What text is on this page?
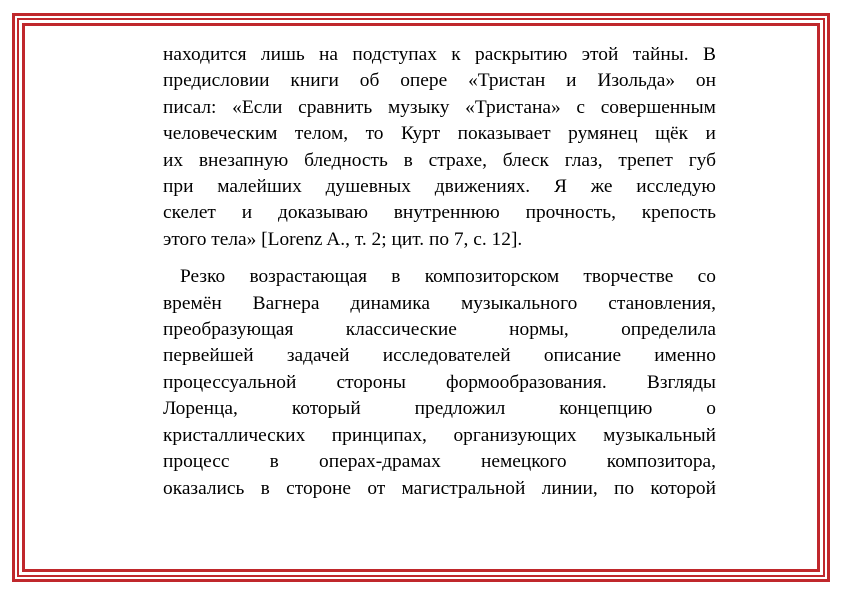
находится лишь на подступах к раскрытию этой тайны. В
предисловии книги об опере «Тристан и Изольда» он
писал: «Если сравнить музыку «Тристана» с совершенным
человеческим телом, то Курт показывает румянец щёк и
их внезапную бледность в страхе, блеск глаз, трепет губ
при малейших душевных движениях. Я же исследую
скелет и доказываю внутреннюю прочность, крепость
этого тела» [Lorenz A., т. 2; цит. по 7, с. 12].
Резко возрастающая в композиторском творчестве со
времён Вагнера динамика музыкального становления,
преобразующая	классические	нормы,	определила
первейшей задачей исследователей описание именно
процессуальной стороны формообразования. Взгляды
Лоренца,	который	предложил	концепцию	о
кристаллических принципах, организующих музыкальный
процесс в операх-драмах немецкого композитора,
оказались в стороне от магистральной линии, по которой
